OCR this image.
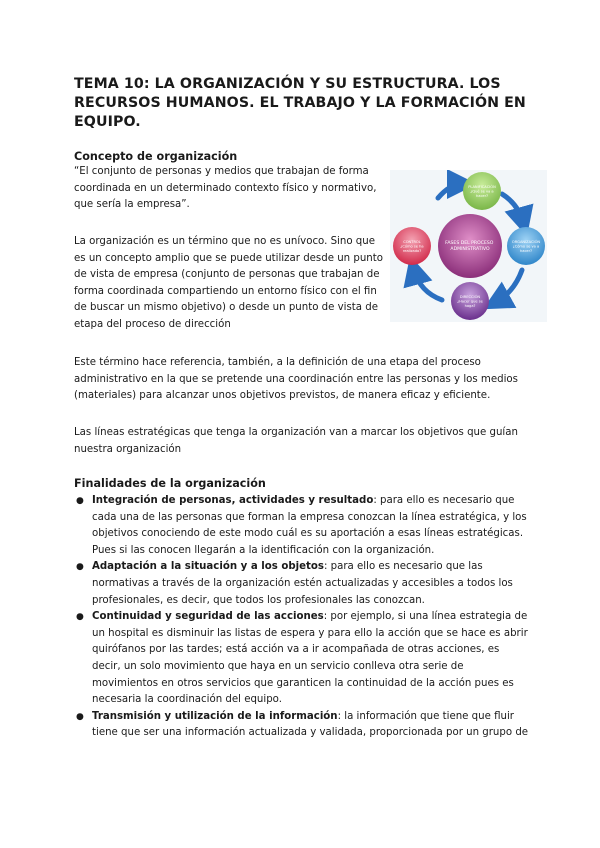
TEMA 10: LA ORGANIZACIÓN Y SU ESTRUCTURA. LOS RECURSOS HUMANOS. EL TRABAJO Y LA FORMACIÓN EN EQUIPO.
Concepto de organización

“El conjunto de personas y medios que trabajan de forma coordinada en un determinado contexto físico y normativo, que sería la empresa”.

La organización es un término que no es unívoco. Sino que es un concepto amplio que se puede utilizar desde un punto de vista de empresa (conjunto de personas que trabajan de forma coordinada compartiendo un entorno físico con el fin de buscar un mismo objetivo) o desde un punto de vista de etapa del proceso de dirección

Este término hace referencia, también, a la definición de una etapa del proceso administrativo en la que se pretende una coordinación entre las personas y los medios (materiales) para alcanzar unos objetivos previstos, de manera eficaz y eficiente.

Las líneas estratégicas que tenga la organización van a marcar los objetivos que guían nuestra organización

Finalidades de la organización
● Integración de personas, actividades y resultado: para ello es necesario que cada una de las personas que forman la empresa conozcan la línea estratégica, y los objetivos conociendo de este modo cuál es su aportación a esas líneas estratégicas. Pues si las conocen llegarán a la identificación con la organización.
● Adaptación a la situación y a los objetos: para ello es necesario que las normativas a través de la organización estén actualizadas y accesibles a todos los profesionales, es decir, que todos los profesionales las conozcan.
● Continuidad y seguridad de las acciones: por ejemplo, si una línea estrategia de un hospital es disminuir las listas de espera y para ello la acción que se hace es abrir quirófanos por las tardes; está acción va a ir acompañada de otras acciones, es decir, un solo movimiento que haya en un servicio conlleva otra serie de movimientos en otros servicios que garanticen la continuidad de la acción pues es necesaria la coordinación del equipo.
● Transmisión y utilización de la información: la información que tiene que fluir tiene que ser una información actualizada y validada, proporcionada por un grupo de
FASES DEL PROCESO ADMINISTRATIVO
PLANIFICACIÓN ¿Qué se va a hacer?
ORGANIZACIÓN ¿Cómo se va a hacer?
DIRECCIÓN ¿Hacer que se haga?
CONTROL ¿Cómo se ha realizado?
